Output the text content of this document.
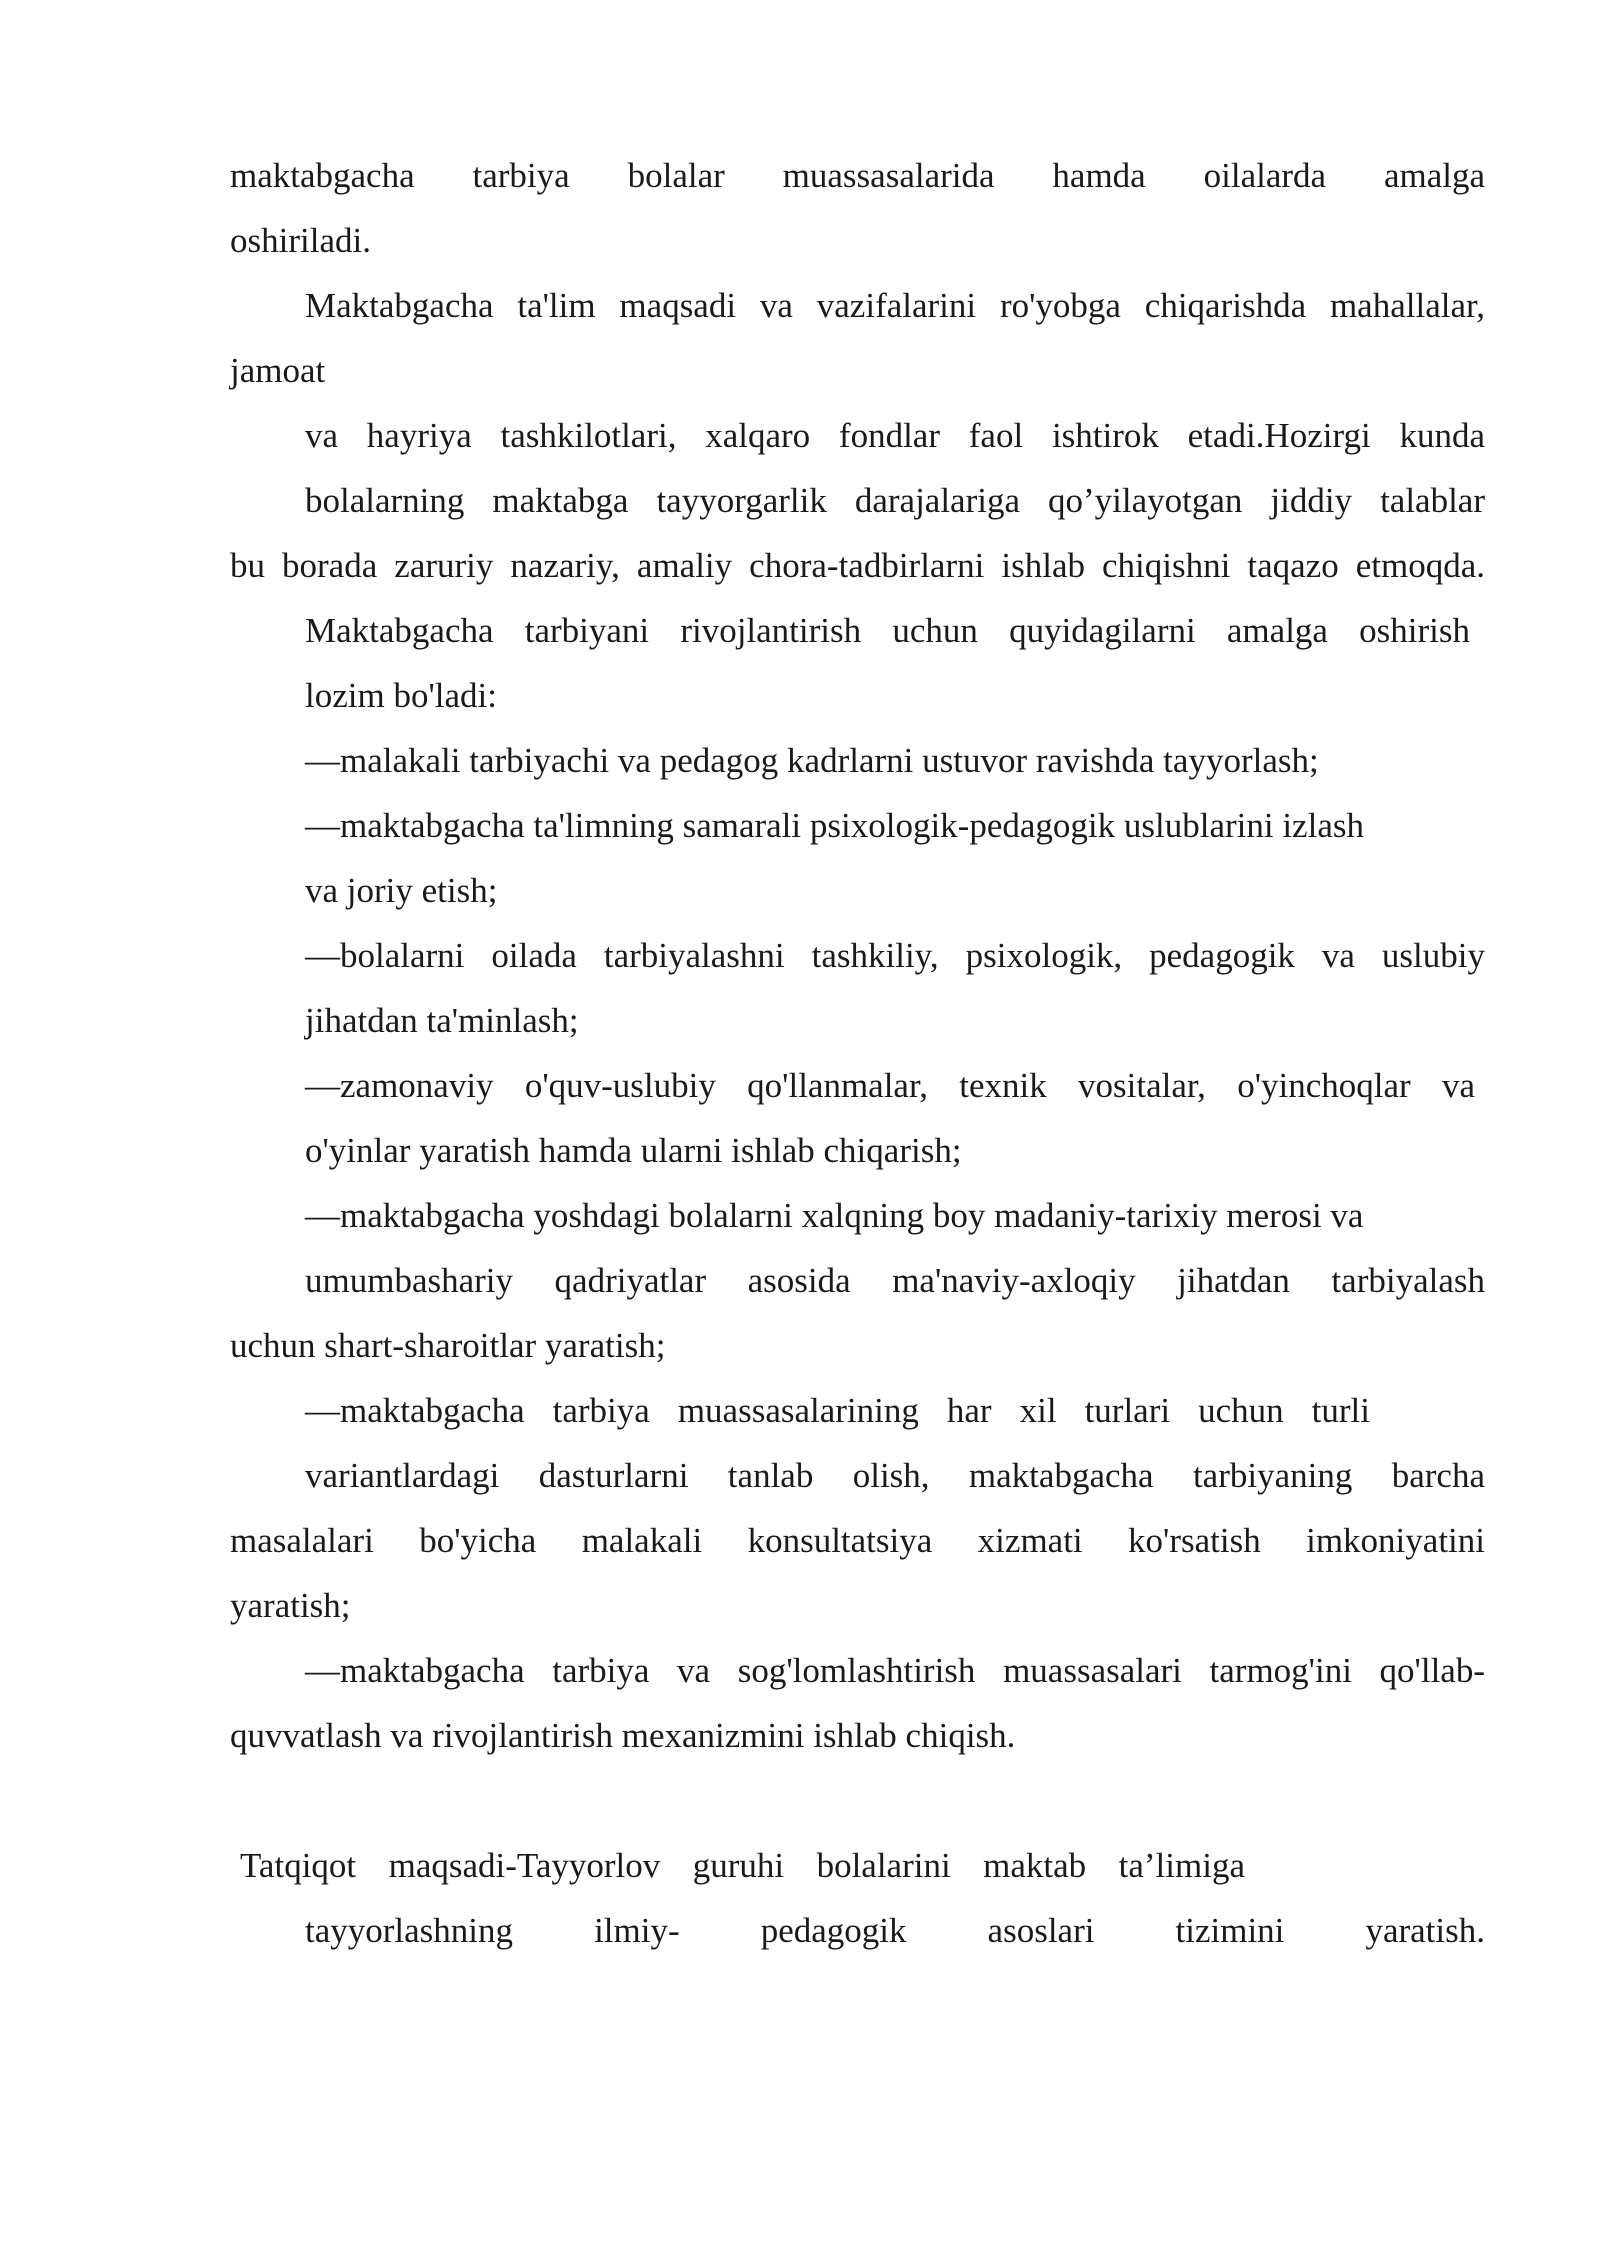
maktabgacha tarbiya bolalar muassasalarida hamda oilalarda amalga
oshiriladi.
Maktabgacha ta'lim maqsadi va vazifalarini ro'yobga chiqarishda mahallalar,
jamoat
va hayriya tashkilotlari, xalqaro fondlar faol ishtirok etadi.Hozirgi kunda
bolalarning maktabga tayyorgarlik darajalariga qo’yilayotgan jiddiy talablar
bu borada zaruriy nazariy, amaliy chora-tadbirlarni ishlab chiqishni taqazo etmoqda.
Maktabgacha tarbiyani rivojlantirish uchun quyidagilarni amalga oshirish
lozim bo'ladi:
—malakali tarbiyachi va pedagog kadrlarni ustuvor ravishda tayyorlash;
—maktabgacha ta'limning samarali psixologik-pedagogik uslublarini izlash
va joriy etish;
—bolalarni oilada tarbiyalashni tashkiliy, psixologik, pedagogik va uslubiy
jihatdan ta'minlash;
—zamonaviy o'quv-uslubiy qo'llanmalar, texnik vositalar, o'yinchoqlar va
o'yinlar yaratish hamda ularni ishlab chiqarish;
—maktabgacha yoshdagi bolalarni xalqning boy madaniy-tarixiy merosi va
umumbashariy qadriyatlar asosida ma'naviy-axloqiy jihatdan tarbiyalash
uchun shart-sharoitlar yaratish;
—maktabgacha tarbiya muassasalarining har xil turlari uchun turli
variantlardagi dasturlarni tanlab olish, maktabgacha tarbiyaning barcha
masalalari bo'yicha malakali konsultatsiya xizmati ko'rsatish imkoniyatini
yaratish;
—maktabgacha tarbiya va sog'lomlashtirish muassasalari tarmog'ini qo'llab-
quvvatlash va rivojlantirish mexanizmini ishlab chiqish.
Tatqiqot maqsadi-Tayyorlov guruhi bolalarini maktab ta’limiga
tayyorlashning ilmiy- pedagogik asoslari tizimini yaratish.
